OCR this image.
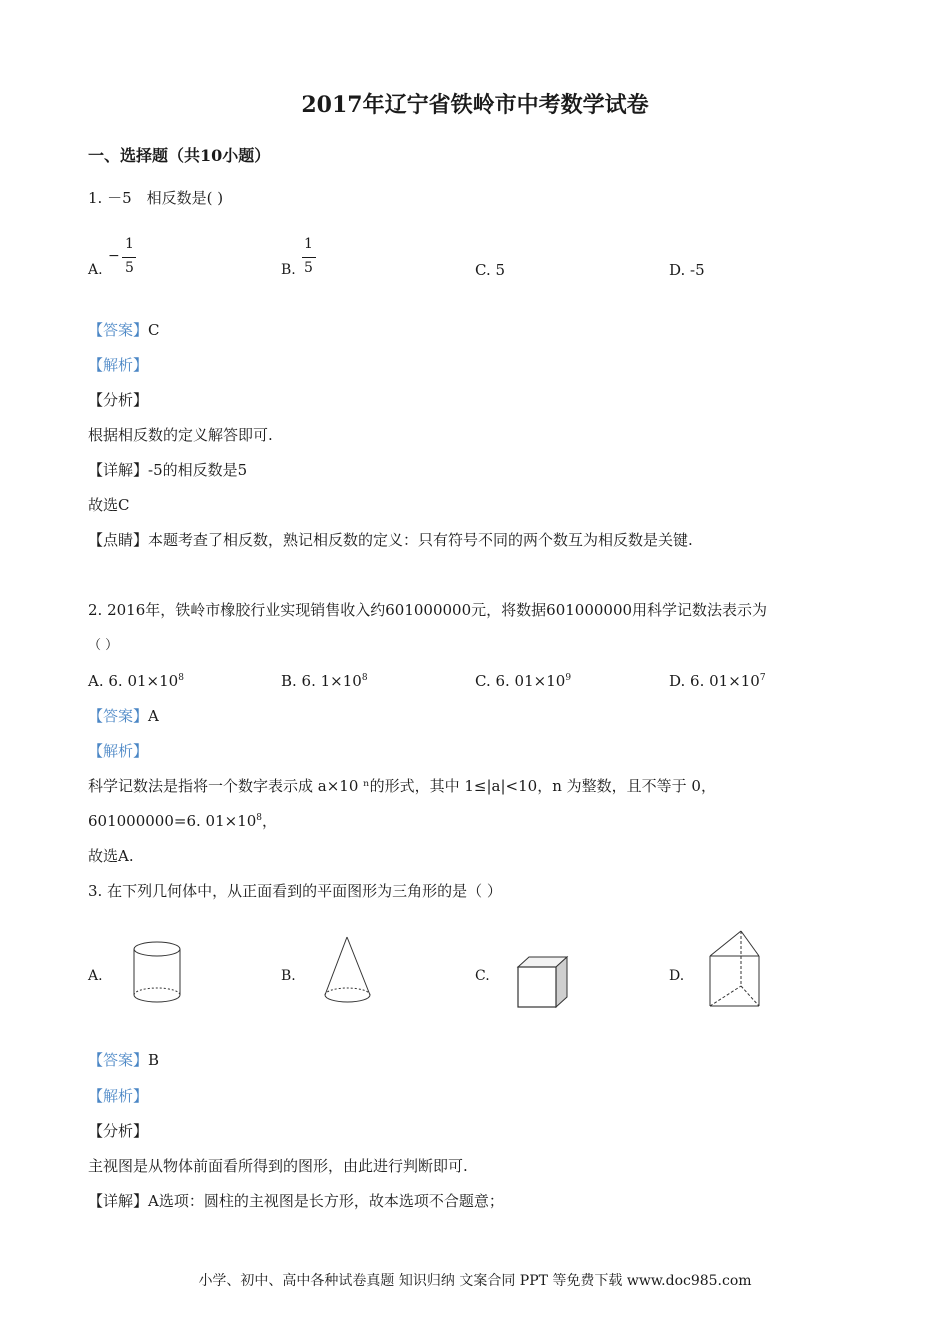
2017年辽宁省铁岭市中考数学试卷
一、选择题（共10小题）
1. －5　相反数是( )
A.
−
1
5	B.
1
5	C. 5	D. -5
【答案】C
【解析】
【分析】
根据相反数的定义解答即可.
【详解】-5的相反数是5
故选C
【点睛】本题考查了相反数，熟记相反数的定义：只有符号不同的两个数互为相反数是关键.
2. 2016年，铁岭市橡胶行业实现销售收入约601000000元，将数据601000000用科学记数法表示为
（ ）
A. 6. $01\times 10^8$	B. 6. $1\times 10^8$	C. 6. $01\times 10^9$	D. 6. $01\times 10^7$
【答案】A
【解析】
科学记数法是指将一个数字表示成 a×10 ⁿ的形式，其中 1≤|a|<10，n 为整数，且不等于 0，
601000000=6. $01\times 10^8$，
故选A.
3. 在下列几何体中，从正面看到的平面图形为三角形的是（ ）
A.	B.	C.	D.
【答案】B
【解析】
【分析】
主视图是从物体前面看所得到的图形，由此进行判断即可.
【详解】A选项：圆柱的主视图是长方形，故本选项不合题意；
小学、初中、高中各种试卷真题 知识归纳 文案合同 PPT 等免费下载 www.doc985.com
